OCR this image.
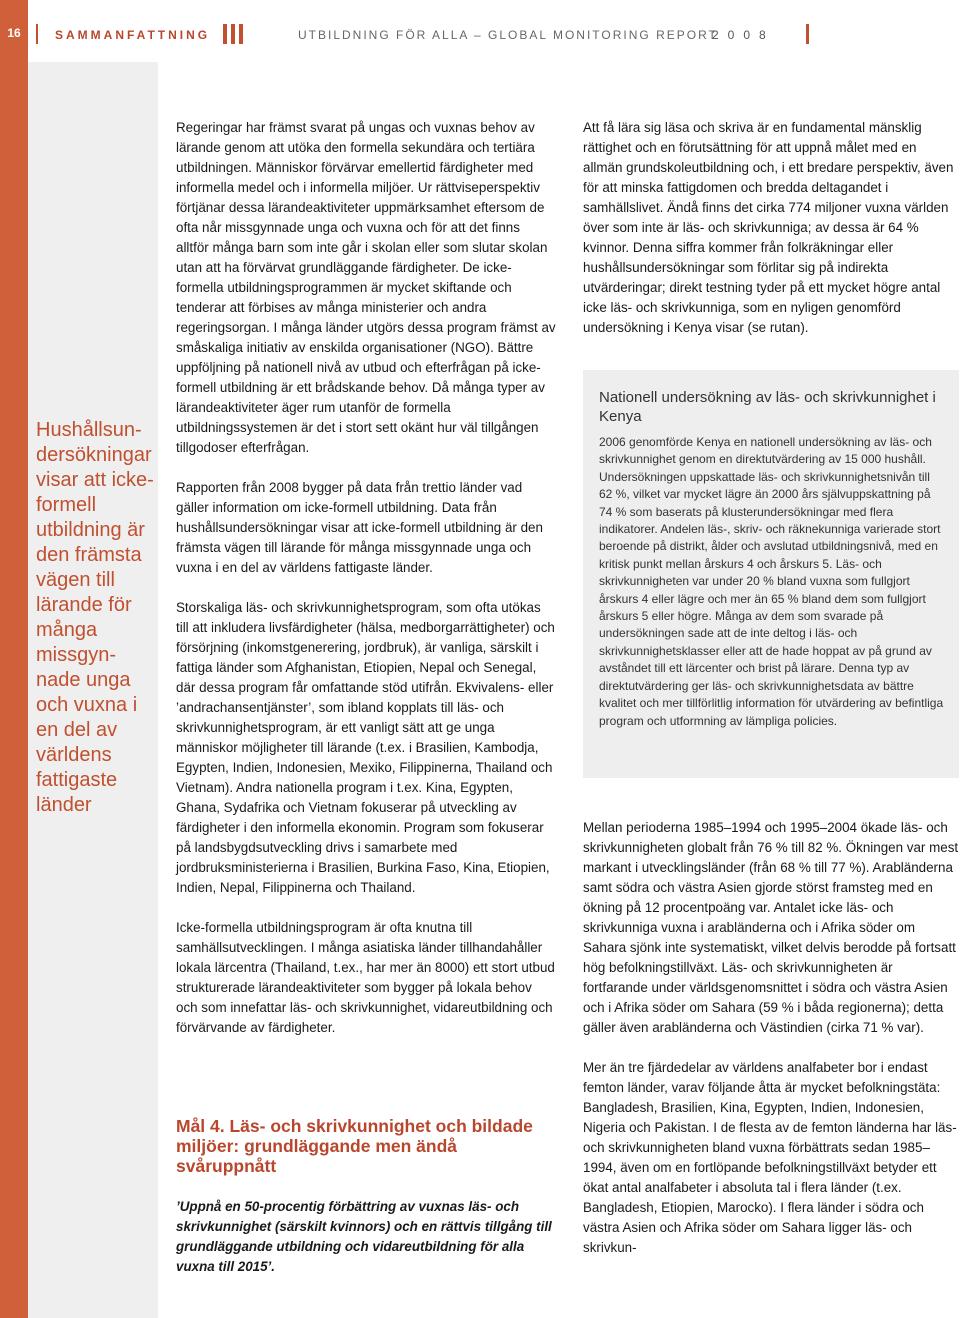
16	SAMMANFATTNING	UTBILDNING FÖR ALLA – GLOBAL MONITORING REPORT
2008
Hushållsun-dersökningar visar att icke-formell utbildning är den främsta vägen till lärande för många missgyn-nade unga och vuxna i en del av världens fattigaste länder

Regeringar har främst svarat på ungas och vuxnas behov av lärande genom att utöka den formella sekundära och tertiära utbildningen. Människor förvärvar emellertid färdigheter med informella medel och i informella miljöer. Ur rättviseperspektiv förtjänar dessa lärandeaktiviteter uppmärksamhet eftersom de ofta når missgynnade unga och vuxna och för att det finns alltför många barn som inte går i skolan eller som slutar skolan utan att ha förvärvat grundläggande färdigheter. De icke-formella utbildningsprogrammen är mycket skiftande och tenderar att förbises av många ministerier och andra regeringsorgan. I många länder utgörs dessa program främst av småskaliga initiativ av enskilda organisationer (NGO). Bättre uppföljning på nationell nivå av utbud och efterfrågan på icke-formell utbildning är ett brådskande behov. Då många typer av lärandeaktiviteter äger rum utanför de formella utbildningssystemen är det i stort sett okänt hur väl tillgången tillgodoser efterfrågan.

Rapporten från 2008 bygger på data från trettio länder vad gäller information om icke-formell utbildning. Data från hushållsundersökningar visar att icke-formell utbildning är den främsta vägen till lärande för många missgynnade unga och vuxna i en del av världens fattigaste länder.

Storskaliga läs- och skrivkunnighetsprogram, som ofta utökas till att inkludera livsfärdigheter (hälsa, medborgarrättigheter) och försörjning (inkomstgenerering, jordbruk), är vanliga, särskilt i fattiga länder som Afghanistan, Etiopien, Nepal och Senegal, där dessa program får omfattande stöd utifrån. Ekvivalens- eller ’andrachansentjänster’, som ibland kopplats till läs- och skrivkunnighetsprogram, är ett vanligt sätt att ge unga människor möjligheter till lärande (t.ex. i Brasilien, Kambodja, Egypten, Indien, Indonesien, Mexiko, Filippinerna, Thailand och Vietnam). Andra nationella program i t.ex. Kina, Egypten, Ghana, Sydafrika och Vietnam fokuserar på utveckling av färdigheter i den informella ekonomin. Program som fokuserar på landsbygdsutveckling drivs i samarbete med jordbruksministerierna i Brasilien, Burkina Faso, Kina, Etiopien, Indien, Nepal, Filippinerna och Thailand.

Icke-formella utbildningsprogram är ofta knutna till samhällsutvecklingen. I många asiatiska länder tillhandahåller lokala lärcentra (Thailand, t.ex., har mer än 8000) ett stort utbud strukturerade lärandeaktiviteter som bygger på lokala behov och som innefattar läs- och skrivkunnighet, vidareutbildning och förvärvande av färdigheter.

Mål 4. Läs- och skrivkunnighet och bildade miljöer: grundläggande men ändå svåruppnått
’Uppnå en 50-procentig förbättring av vuxnas läs- och skrivkunnighet (särskilt kvinnors) och en rättvis tillgång till grundläggande utbildning och vidareutbildning för alla vuxna till 2015’.

Att få lära sig läsa och skriva är en fundamental mänsklig rättighet och en förutsättning för att uppnå målet med en allmän grundskoleutbildning och, i ett bredare perspektiv, även för att minska fattigdomen och bredda deltagandet i samhällslivet. Ändå finns det cirka 774 miljoner vuxna världen över som inte är läs- och skrivkunniga; av dessa är 64 % kvinnor. Denna siffra kommer från folkräkningar eller hushållsundersökningar som förlitar sig på indirekta utvärderingar; direkt testning tyder på ett mycket högre antal icke läs- och skrivkunniga, som en nyligen genomförd undersökning i Kenya visar (se rutan).

Nationell undersökning av läs- och skrivkunnighet i Kenya
2006 genomförde Kenya en nationell undersökning av läs- och skrivkunnighet genom en direktutvärdering av 15 000 hushåll. Undersökningen uppskattade läs- och skrivkunnighetsnivån till 62 %, vilket var mycket lägre än 2000 års självuppskattning på 74 % som baserats på klusterundersökningar med flera indikatorer. Andelen läs-, skriv- och räknekunniga varierade stort beroende på distrikt, ålder och avslutad utbildningsnivå, med en kritisk punkt mellan årskurs 4 och årskurs 5. Läs- och skrivkunnigheten var under 20 % bland vuxna som fullgjort årskurs 4 eller lägre och mer än 65 % bland dem som fullgjort årskurs 5 eller högre. Många av dem som svarade på undersökningen sade att de inte deltog i läs- och skrivkunnighetsklasser eller att de hade hoppat av på grund av avståndet till ett lärcenter och brist på lärare. Denna typ av direktutvärdering ger läs- och skrivkunnighetsdata av bättre kvalitet och mer tillförlitlig information för utvärdering av befintliga program och utformning av lämpliga policies.

Mellan perioderna 1985–1994 och 1995–2004 ökade läs- och skrivkunnigheten globalt från 76 % till 82 %. Ökningen var mest markant i utvecklingsländer (från 68 % till 77 %). Arabländerna samt södra och västra Asien gjorde störst framsteg med en ökning på 12 procentpoäng var. Antalet icke läs- och skrivkunniga vuxna i arabländerna och i Afrika söder om Sahara sjönk inte systematiskt, vilket delvis berodde på fortsatt hög befolkningstillväxt. Läs- och skrivkunnigheten är fortfarande under världsgenomsnittet i södra och västra Asien och i Afrika söder om Sahara (59 % i båda regionerna); detta gäller även arabländerna och Västindien (cirka 71 % var).

Mer än tre fjärdedelar av världens analfabeter bor i endast femton länder, varav följande åtta är mycket befolkningstäta: Bangladesh, Brasilien, Kina, Egypten, Indien, Indonesien, Nigeria och Pakistan. I de flesta av de femton länderna har läs- och skrivkunnigheten bland vuxna förbättrats sedan 1985–1994, även om en fortlöpande befolkningstillväxt betyder ett ökat antal analfabeter i absoluta tal i flera länder (t.ex. Bangladesh, Etiopien, Marocko). I flera länder i södra och västra Asien och Afrika söder om Sahara ligger läs- och skrivkun-
